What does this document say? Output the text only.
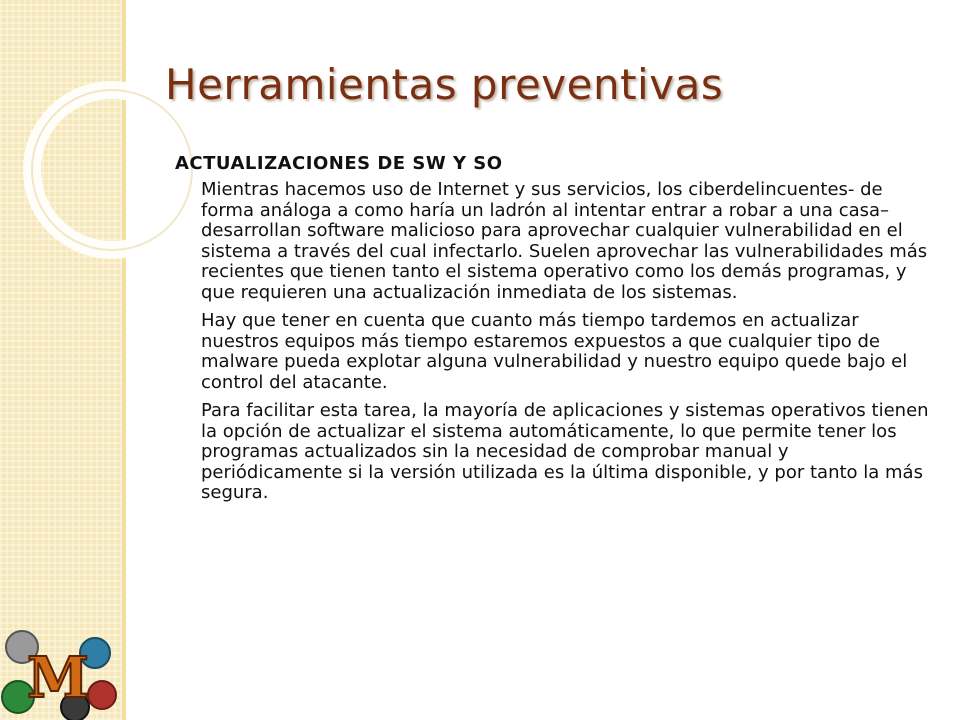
M
Herramientas preventivas

ACTUALIZACIONES DE SW Y SO

Mientras hacemos uso de Internet y sus servicios, los ciberdelincuentes- de forma análoga a como haría un ladrón al intentar entrar a robar a una casa– desarrollan software malicioso para aprovechar cualquier vulnerabilidad en el sistema a través del cual infectarlo. Suelen aprovechar las vulnerabilidades más recientes que tienen tanto el sistema operativo como los demás programas, y que requieren una actualización inmediata de los sistemas.

Hay que tener en cuenta que cuanto más tiempo tardemos en actualizar nuestros equipos más tiempo estaremos expuestos a que cualquier tipo de malware pueda explotar alguna vulnerabilidad y nuestro equipo quede bajo el control del atacante.

Para facilitar esta tarea, la mayoría de aplicaciones y sistemas operativos tienen la opción de actualizar el sistema automáticamente, lo que permite tener los programas actualizados sin la necesidad de comprobar manual y periódicamente si la versión utilizada es la última disponible, y por tanto la más segura.
